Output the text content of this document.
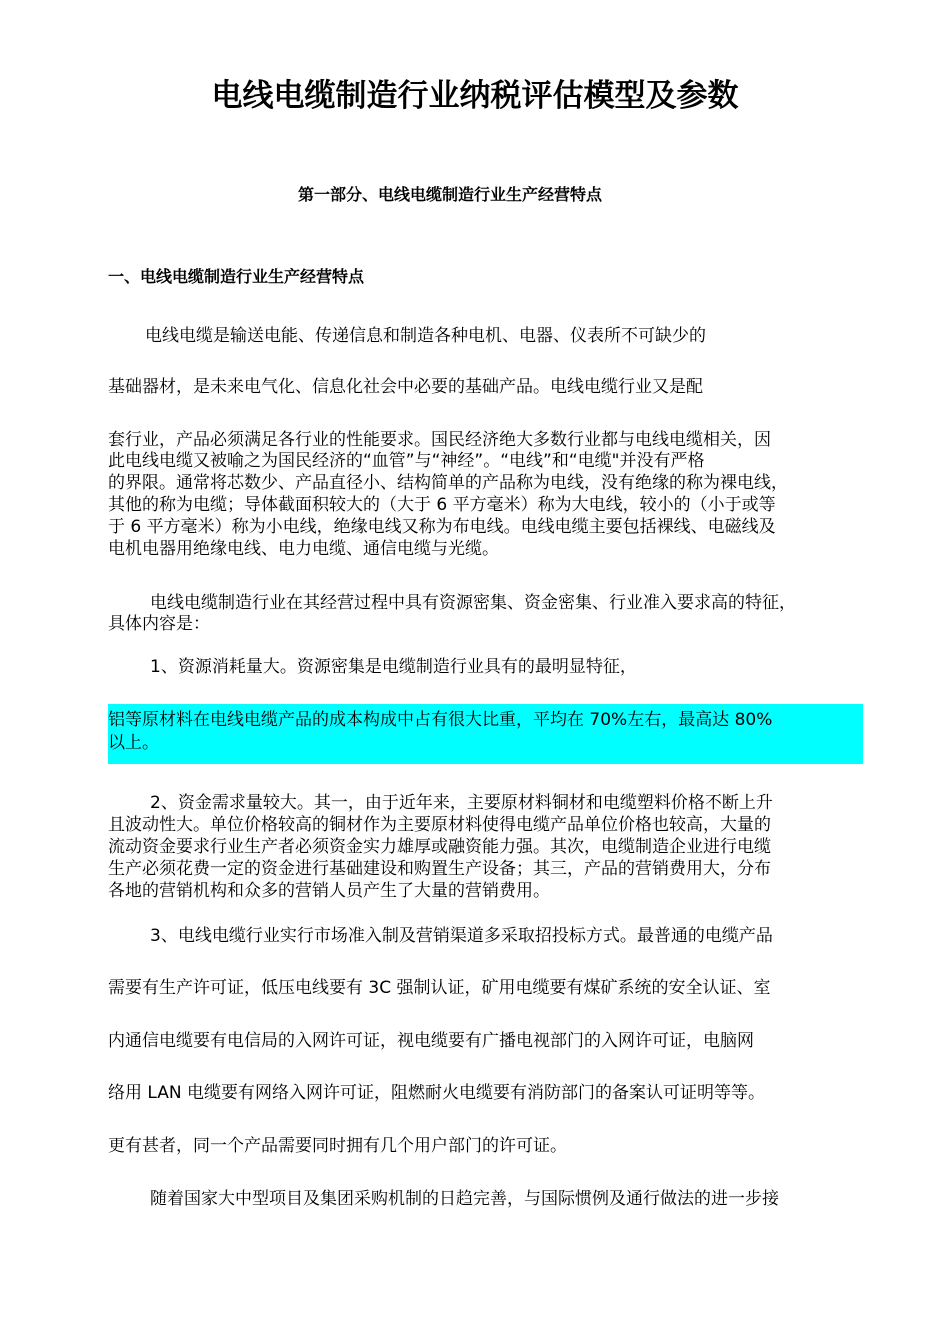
电线电缆制造行业纳税评估模型及参数
第一部分、电线电缆制造行业生产经营特点
一、电线电缆制造行业生产经营特点
电线电缆是输送电能、传递信息和制造各种电机、电器、仪表所不可缺少的
基础器材，是未来电气化、信息化社会中必要的基础产品。电线电缆行业又是配
套行业，产品必须满足各行业的性能要求。国民经济绝大多数行业都与电线电缆相关，因
此电线电缆又被喻之为国民经济的“血管”与“神经”。“电线”和“电缆"并没有严格
的界限。通常将芯数少、产品直径小、结构简单的产品称为电线，没有绝缘的称为裸电线，
其他的称为电缆；导体截面积较大的（大于 6 平方毫米）称为大电线，较小的（小于或等
于 6 平方毫米）称为小电线，绝缘电线又称为布电线。电线电缆主要包括裸线、电磁线及
电机电器用绝缘电线、电力电缆、通信电缆与光缆。
电线电缆制造行业在其经营过程中具有资源密集、资金密集、行业准入要求高的特征，
具体内容是：
1、资源消耗量大。资源密集是电缆制造行业具有的最明显特征，
铝等原材料在电线电缆产品的成本构成中占有很大比重，平均在 70%左右，最高达 80%
以上。
2、资金需求量较大。其一，由于近年来，主要原材料铜材和电缆塑料价格不断上升
且波动性大。单位价格较高的铜材作为主要原材料使得电缆产品单位价格也较高，大量的
流动资金要求行业生产者必须资金实力雄厚或融资能力强。其次，电缆制造企业进行电缆
生产必须花费一定的资金进行基础建设和购置生产设备；其三，产品的营销费用大，分布
各地的营销机构和众多的营销人员产生了大量的营销费用。
3、电线电缆行业实行市场准入制及营销渠道多采取招投标方式。最普通的电缆产品
需要有生产许可证，低压电线要有 3C 强制认证，矿用电缆要有煤矿系统的安全认证、室
内通信电缆要有电信局的入网许可证，视电缆要有广播电视部门的入网许可证，电脑网
络用 LAN 电缆要有网络入网许可证，阻燃耐火电缆要有消防部门的备案认可证明等等。
更有甚者，同一个产品需要同时拥有几个用户部门的许可证。
随着国家大中型项目及集团采购机制的日趋完善，与国际惯例及通行做法的进一步接
